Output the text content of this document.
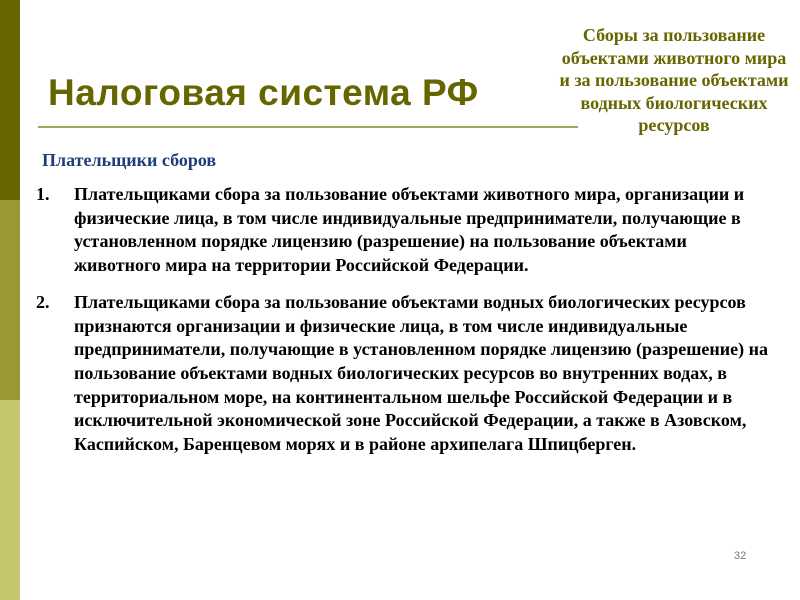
Налоговая система РФ
Сборы за пользование объектами животного мира и за пользование объектами водных биологических ресурсов
Плательщики сборов
1. Плательщиками сбора за пользование объектами животного мира, организации и физические лица, в том числе индивидуальные предприниматели, получающие в установленном порядке лицензию (разрешение) на пользование объектами животного мира на территории Российской Федерации.
2. Плательщиками сбора за пользование объектами водных биологических ресурсов признаются организации и физические лица, в том числе индивидуальные предприниматели, получающие в установленном порядке лицензию (разрешение) на пользование объектами водных биологических ресурсов во внутренних водах, в территориальном море, на континентальном шельфе Российской Федерации и в исключительной экономической зоне Российской Федерации, а также в Азовском, Каспийском, Баренцевом морях и в районе архипелага Шпицберген.
32
